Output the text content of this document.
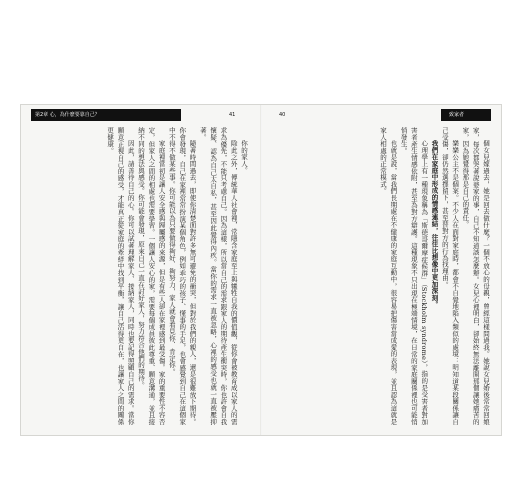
第2章 心，為什麼要靠自己？	41

你的家人。

除此之外，傳統華人社會裡，常隱含家庭至上與犧牲自我的價值觀，從你會被教育成以家人的需求為優先，不能只考慮自己。因為這樣，所以當自己的需求跟家人的期待產生衝突時，你也許會自我懷疑、認為自己太自私，甚至因此覺得內疚。當你的需求一直被忽略，心裡的感受也就一直被壓抑著。

隨著時間過去，即使你清楚面對許多無可避免的衝突，但對於我們的親人，還是很難放下期待。你會發現，自己在家裡常常扮演某個角色，例如乖巧的孩子、懂事的手足，也會感覺到自己在這個家中不得不做某些事。你可能以為只要做得夠好、夠努力，家人就會看見你、肯定你。

家庭裡當初是讓人安全感與歸屬感的來源，但是有些人卻在家裡感到最受傷。家的重要性不容否定，但家人之間的相處也需要學習。一個讓人安心的家，需要每個成員彼此尊重、願意溝通，並且接納不同的想法與感受。你可能會發現，原來自己一直在討好家人，努力符合他們的期待。

因此，請善待自己的心。你可以試著理解家人、接納家人，同時也要記得照顧自己的需求。當你願意正視自己的感受，才能真正從家庭的牽絆中找到平衡，讓自己活得更自在，也讓家人之間的關係更健康。

40	致家者

個女兒嫁過去，她是回去做什麼？一個不放心的母親，曾經這樣問過我。她說女兒婚後常常回娘家，每次都哭著說婆家的事，自己不知道該怎麼辦。女兒心裡明白，卻始終無法離開那個讓她痛苦的家，因為她覺得那是自己的責任。

樂樂公主不是個案。不少人在面對家庭時，都會不自覺地陷入類似的處境：明知道某段關係讓自己受傷，卻仍然選擇留下，甚至替對方的行為找理由。

我們在家庭中形成的情感連結，往往比想像中更加深刻。

心理學上有一種現象稱為「斯德哥爾摩症候群」（Stockholm syndrome），指的是受害者對加害者產生情感依附，甚至為對方辯護。這種現象不只出現在極端情境，在日常的家庭關係裡也可能悄悄發生。

也就是說，當我們長期處在不健康的家庭互動中，很容易把傷害當成愛的表現，並且認為這就是家人相處的正常模式。
